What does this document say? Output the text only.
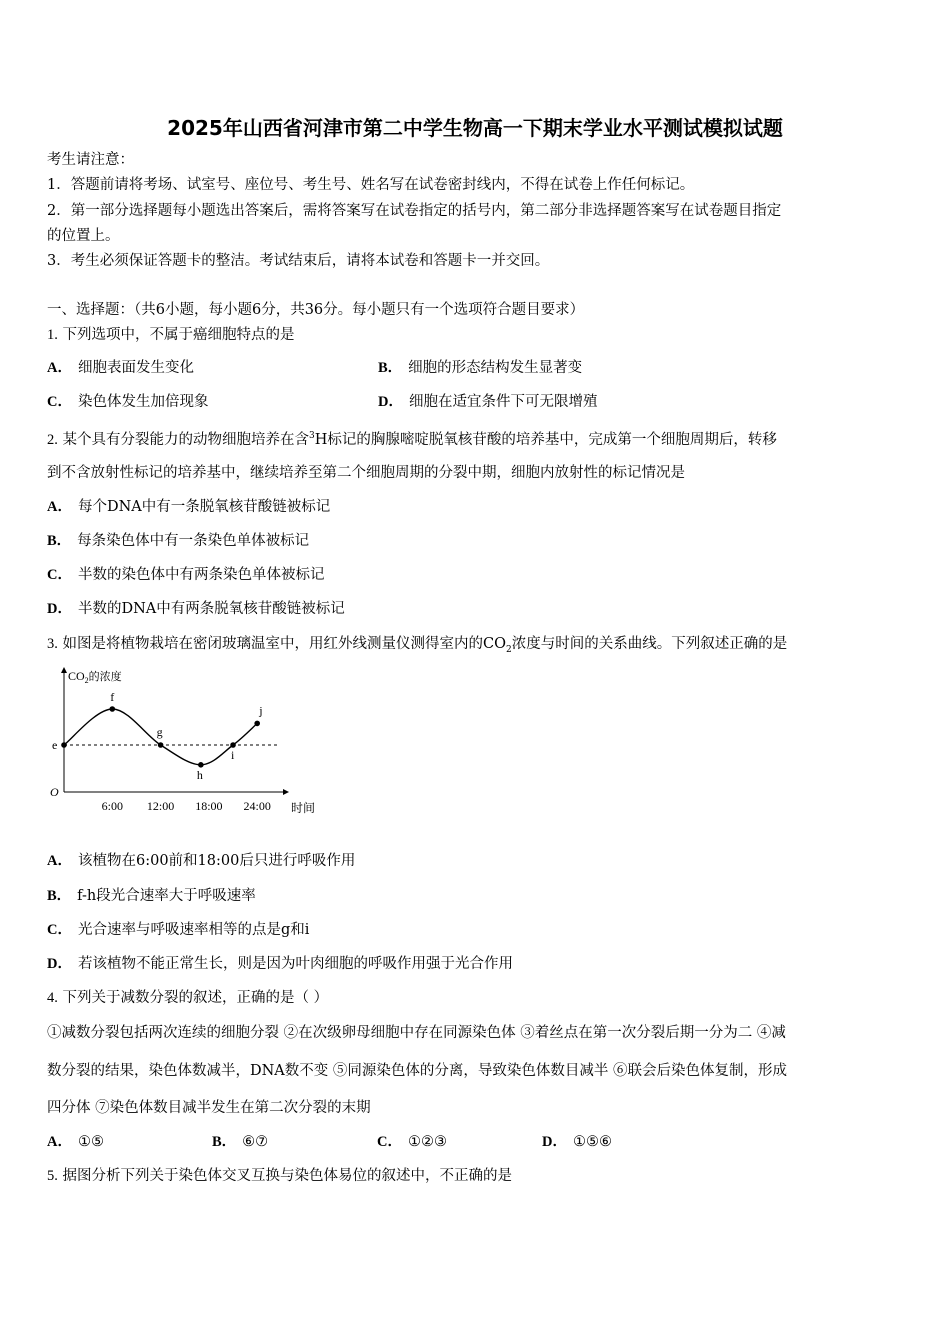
2025年山西省河津市第二中学生物高一下期末学业水平测试模拟试题
考生请注意：
1．答题前请将考场、试室号、座位号、考生号、姓名写在试卷密封线内，不得在试卷上作任何标记。
2．第一部分选择题每小题选出答案后，需将答案写在试卷指定的括号内，第二部分非选择题答案写在试卷题目指定
的位置上。
3．考生必须保证答题卡的整洁。考试结束后，请将本试卷和答题卡一并交回。
一、选择题：（共6小题，每小题6分，共36分。每小题只有一个选项符合题目要求）
1. 下列选项中，不属于癌细胞特点的是
A． 细胞表面发生变化	B． 细胞的形态结构发生显著变
C． 染色体发生加倍现象	D． 细胞在适宜条件下可无限增殖
2. 某个具有分裂能力的动物细胞培养在含$^3$H标记的胸腺嘧啶脱氧核苷酸的培养基中，完成第一个细胞周期后，转移
到不含放射性标记的培养基中，继续培养至第二个细胞周期的分裂中期，细胞内放射性的标记情况是
A． 每个DNA中有一条脱氧核苷酸链被标记
B． 每条染色体中有一条染色单体被标记
C． 半数的染色体中有两条染色单体被标记
D． 半数的DNA中有两条脱氧核苷酸链被标记
3. 如图是将植物栽培在密闭玻璃温室中，用红外线测量仪测得室内的$CO_2$浓度与时间的关系曲线。下列叙述正确的是
$CO_2$的浓度
O
时间
6:00 12:00 18:00 24:00
e
f
g
h
i
j
A． 该植物在6:00前和18:00后只进行呼吸作用
B． f-h段光合速率大于呼吸速率
C． 光合速率与呼吸速率相等的点是g和i
D． 若该植物不能正常生长，则是因为叶肉细胞的呼吸作用强于光合作用
4. 下列关于减数分裂的叙述，正确的是（ ）
①减数分裂包括两次连续的细胞分裂 ②在次级卵母细胞中存在同源染色体 ③着丝点在第一次分裂后期一分为二 ④减
数分裂的结果，染色体数减半，DNA数不变 ⑤同源染色体的分离，导致染色体数目减半 ⑥联会后染色体复制，形成
四分体 ⑦染色体数目减半发生在第二次分裂的末期
A． ①⑤	B． ⑥⑦	C． ①②③	D． ①⑤⑥
5. 据图分析下列关于染色体交叉互换与染色体易位的叙述中，不正确的是
